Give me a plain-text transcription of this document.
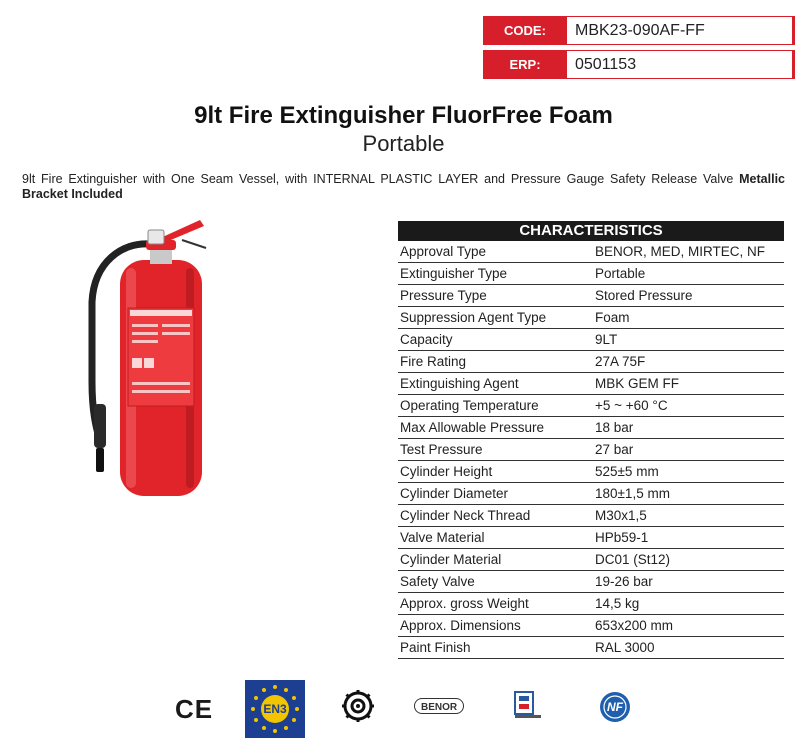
CODE:	MBK23-090AF-FF
ERP:	0501153
9lt Fire Extinguisher FluorFree Foam
Portable
9lt Fire Extinguisher with One Seam Vessel, with INTERNAL PLASTIC LAYER and Pressure Gauge Safety Release Valve Metallic Bracket Included
CHARACTERISTICS
Approval Type	BENOR, MED, MIRTEC, NF
Extinguisher Type	Portable
Pressure Type	Stored Pressure
Suppression Agent Type	Foam
Capacity	9LT
Fire Rating	27A 75F
Extinguishing Agent	MBK GEM FF
Operating Temperature	+5 ~ +60 °C
Max Allowable Pressure	18 bar
Test Pressure	27 bar
Cylinder Height	525±5 mm
Cylinder Diameter	180±1,5 mm
Cylinder Neck Thread	M30x1,5
Valve Material	HPb59-1
Cylinder Material	DC01 (St12)
Safety Valve	19-26 bar
Approx. gross Weight	14,5 kg
Approx. Dimensions	653x200 mm
Paint Finish	RAL 3000
CE	EN3	BENOR	NF
